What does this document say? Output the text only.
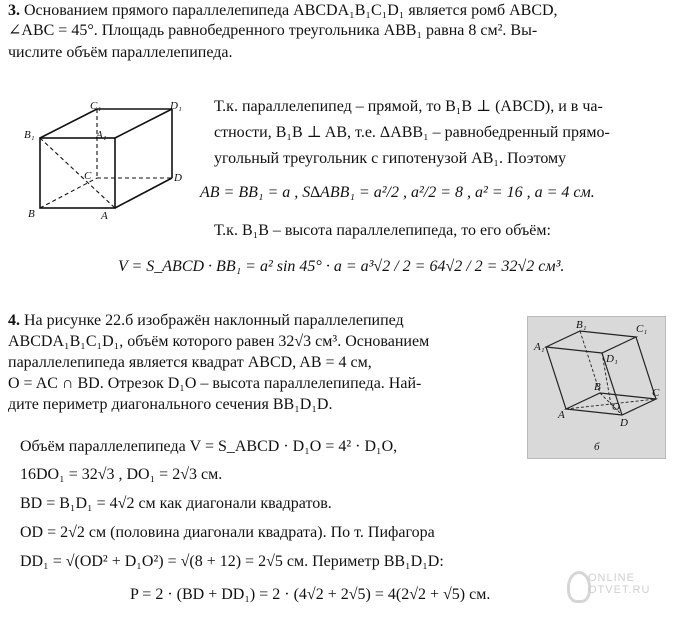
3. Основанием прямого параллелепипеда ABCDA₁B₁C₁D₁ является ромб ABCD,
∠ABC = 45°. Площадь равнобедренного треугольника ABB₁ равна 8 см². Вы-
числите объём параллелепипеда.
C₁	D₁
B₁	A₁
C	D
B	A
Т.к. параллелепипед – прямой, то B₁B ⊥ (ABCD), и в ча-
стности, B₁B ⊥ AB, т.е. ΔABB₁ – равнобедренный прямо-
угольный треугольник с гипотенузой AB₁. Поэтому
AB = BB₁ = a , S∆ABB₁ = a²/2 , a²/2 = 8 , a² = 16 , a = 4 см.
Т.к. B₁B – высота параллелепипеда, то его объём:
V = S_ABCD · BB₁ = a² sin 45° · a = a³√2 / 2 = 64√2 / 2 = 32√2 см³.
4. На рисунке 22.б изображён наклонный параллелепипед
ABCDA₁B₁C₁D₁, объём которого равен 32√3 см³. Основанием
параллелепипеда является квадрат ABCD, AB = 4 см,
O = AC ∩ BD. Отрезок D₁O – высота параллелепипеда. Най-
дите периметр диагонального сечения BB₁D₁D.
B₁	C₁
A₁
D₁
B	C
A
D
O
б
Объём параллелепипеда V = S_ABCD · D₁O = 4² · D₁O,
16DO₁ = 32√3 , DO₁ = 2√3 см.
BD = B₁D₁ = 4√2 см как диагонали квадратов.
OD = 2√2 см (половина диагонали квадрата). По т. Пифагора
DD₁ = √(OD² + D₁O²) = √(8 + 12) = 2√5 см. Периметр BB₁D₁D:
P = 2 · (BD + DD₁) = 2 · (4√2 + 2√5) = 4(2√2 + √5) см.
ONLINE
OTVET.RU
